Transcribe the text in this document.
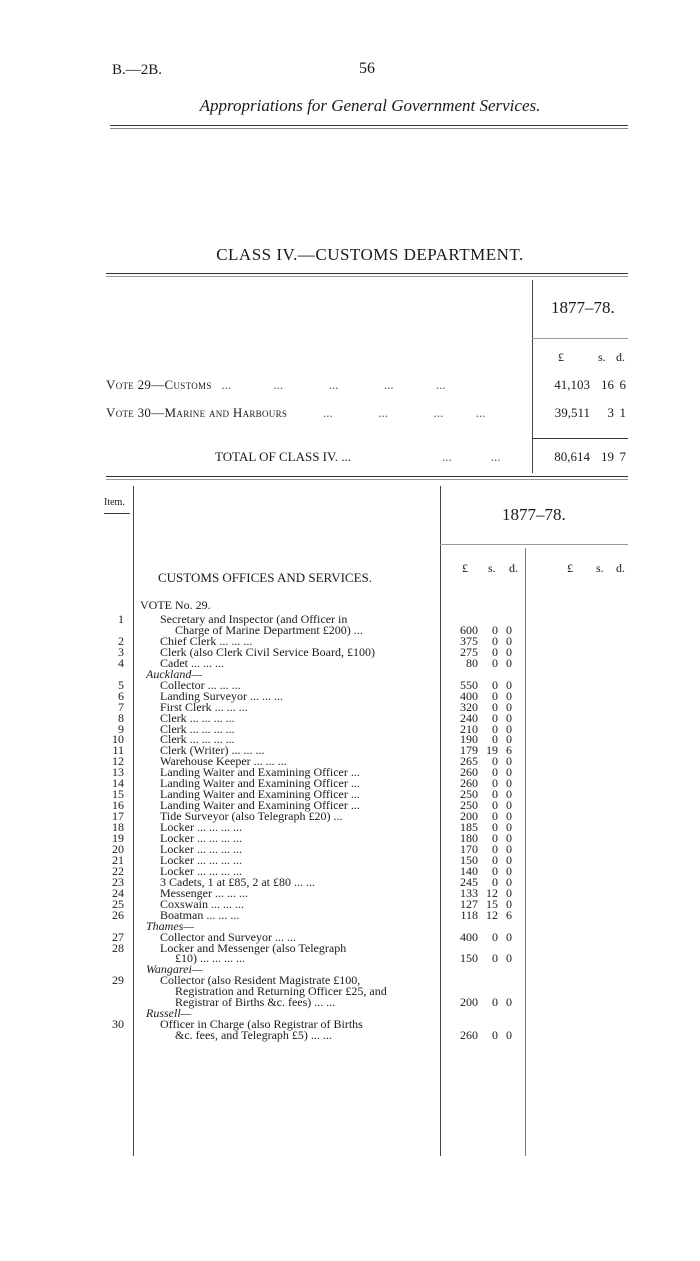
B.—2B.	56
Appropriations for General Government Services.
CLASS IV.—CUSTOMS DEPARTMENT.
1877–78.
£	s. d.
Vote 29—Customs   ...             ...              ...              ...             ...	41,103 16 6
Vote 30—Marine and Harbours           ...              ...              ...          ...	39,511	3 1
TOTAL OF CLASS IV. ...	...            ...	80,614 19 7
Item.
1877–78.
£ s. d.	£ s. d.
CUSTOMS OFFICES AND SERVICES.
VOTE No. 29.
1	Secretary and Inspector (and Officer in
Charge of Marine Department £200) ...	600	0 0
2	Chief Clerk ... ... ...	375	0 0
3	Clerk (also Clerk Civil Service Board, £100)	275	0 0
4	Cadet ... ... ...	80	0 0
Auckland—
5	Collector ... ... ...	550	0 0
6	Landing Surveyor ... ... ...	400	0 0
7	First Clerk ... ... ...	320	0 0
8	Clerk ... ... ... ...	240	0 0
9	Clerk ... ... ... ...	210	0 0
10	Clerk ... ... ... ...	190	0 0
11	Clerk (Writer) ... ... ...	179 19 6
12	Warehouse Keeper ... ... ...	265	0 0
13	Landing Waiter and Examining Officer ...	260	0 0
14	Landing Waiter and Examining Officer ...	260	0 0
15	Landing Waiter and Examining Officer ...	250	0 0
16	Landing Waiter and Examining Officer ...	250	0 0
17	Tide Surveyor (also Telegraph £20) ...	200	0 0
18	Locker ... ... ... ...	185	0 0
19	Locker ... ... ... ...	180	0 0
20	Locker ... ... ... ...	170	0 0
21	Locker ... ... ... ...	150	0 0
22	Locker ... ... ... ...	140	0 0
23	3 Cadets, 1 at £85, 2 at £80 ... ...	245	0 0
24	Messenger ... ... ...	133 12 0
25	Coxswain ... ... ...	127 15 0
26	Boatman ... ... ...	118 12 6
Thames—
27	Collector and Surveyor ... ...	400	0 0
28	Locker and Messenger (also Telegraph
£10) ... ... ... ...	150	0 0
Wangarei—
29	Collector (also Resident Magistrate £100,
Registration and Returning Officer £25, and
Registrar of Births &c. fees) ... ...	200	0 0
Russell—
30	Officer in Charge (also Registrar of Births
&c. fees, and Telegraph £5) ... ...	260	0 0
